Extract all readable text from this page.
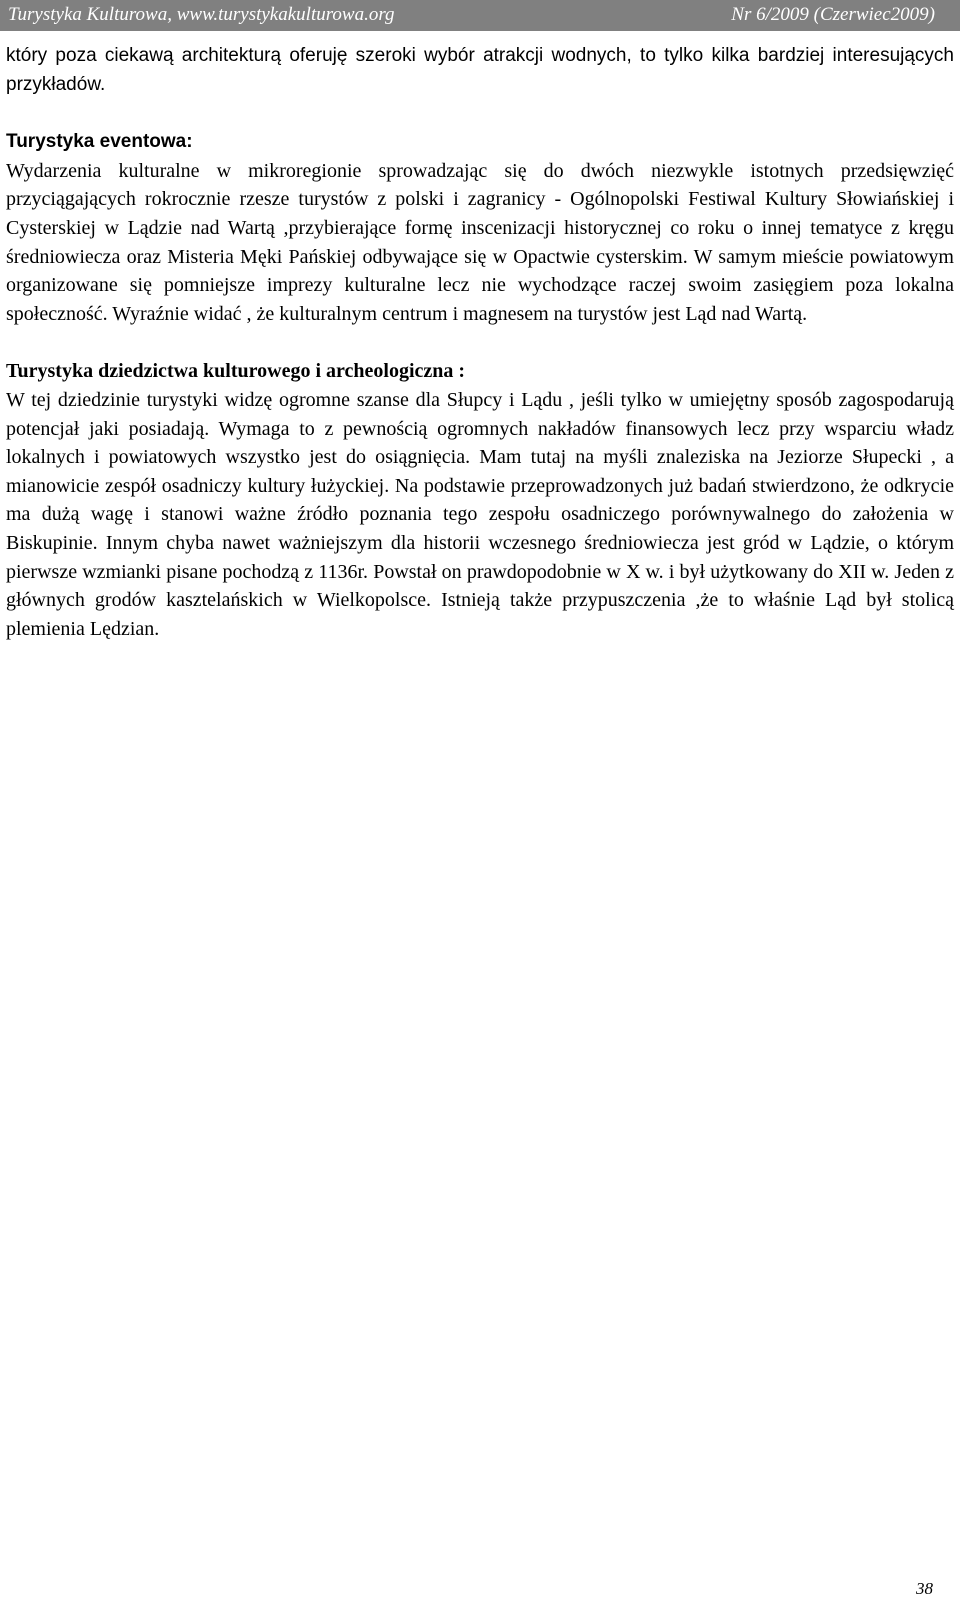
Turystyka Kulturowa, www.turystykakulturowa.org	Nr 6/2009 (Czerwiec2009)

który poza ciekawą architekturą oferuję szeroki wybór atrakcji wodnych, to tylko kilka bardziej interesujących przykładów.

Turystyka eventowa:

Wydarzenia kulturalne w mikroregionie sprowadzając się do dwóch niezwykle istotnych przedsięwzięć przyciągających rokrocznie rzesze turystów z polski i zagranicy - Ogólnopolski Festiwal Kultury Słowiańskiej i Cysterskiej w Lądzie nad Wartą ,przybierające formę inscenizacji historycznej co roku o innej tematyce z kręgu średniowiecza oraz Misteria Męki Pańskiej odbywające się w Opactwie cysterskim. W samym mieście powiatowym organizowane się pomniejsze imprezy kulturalne lecz nie wychodzące raczej swoim zasięgiem poza lokalna społeczność. Wyraźnie widać , że kulturalnym centrum i magnesem na turystów jest Ląd nad Wartą.

Turystyka dziedzictwa kulturowego i archeologiczna :

W tej dziedzinie turystyki widzę ogromne szanse dla Słupcy i Lądu , jeśli tylko w umiejętny sposób zagospodarują potencjał jaki posiadają. Wymaga to z pewnością ogromnych nakładów finansowych lecz przy wsparciu władz lokalnych i powiatowych wszystko jest do osiągnięcia. Mam tutaj na myśli znaleziska na Jeziorze Słupecki , a mianowicie zespół osadniczy kultury łużyckiej. Na podstawie przeprowadzonych już badań stwierdzono, że odkrycie ma dużą wagę i stanowi ważne źródło poznania tego zespołu osadniczego porównywalnego do założenia w Biskupinie. Innym chyba nawet ważniejszym dla historii wczesnego średniowiecza jest gród w Lądzie, o którym pierwsze wzmianki pisane pochodzą z 1136r. Powstał on prawdopodobnie w X w. i był użytkowany do XII w. Jeden z głównych grodów kasztelańskich w Wielkopolsce. Istnieją także przypuszczenia ,że to właśnie Ląd był stolicą plemienia Lędzian.

38
